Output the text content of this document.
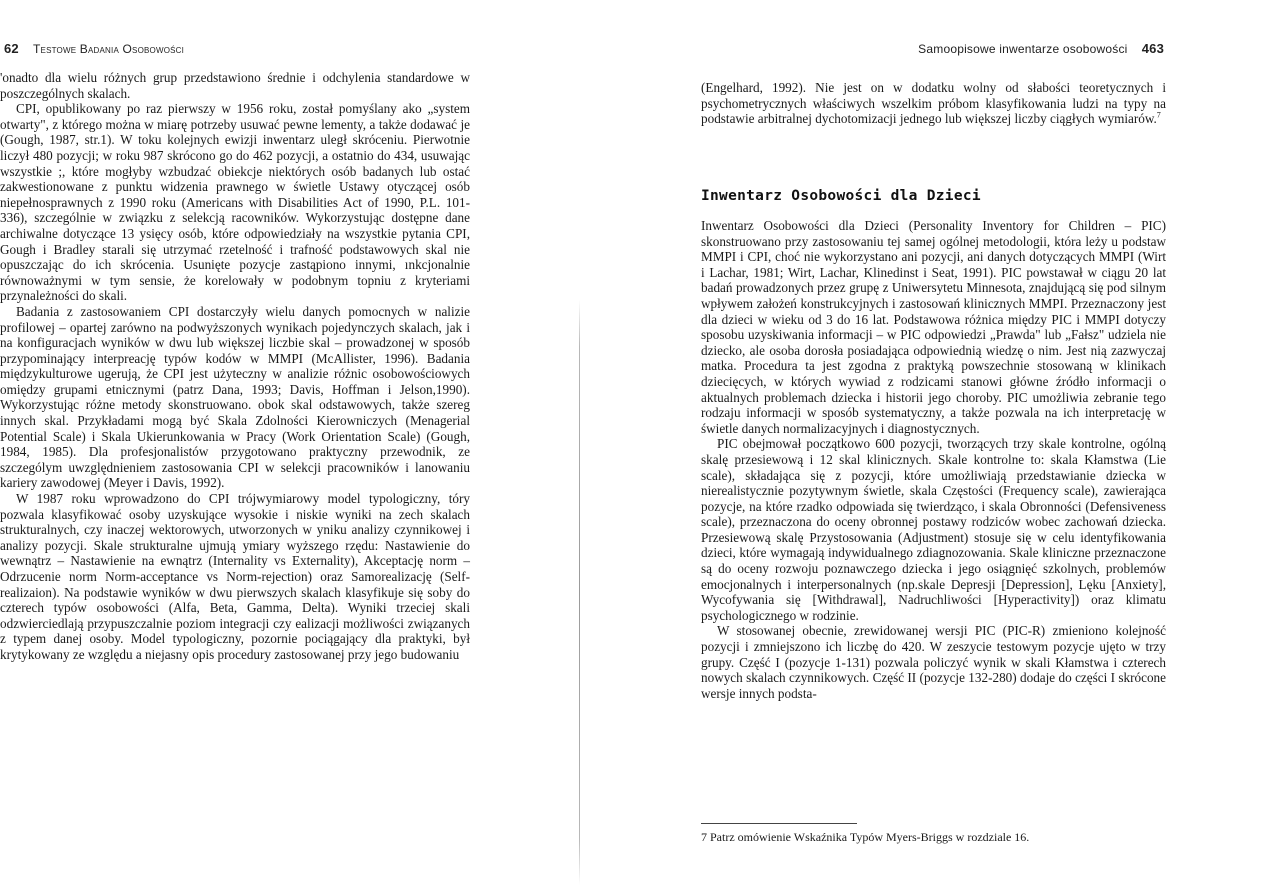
62 Testowe Badania Osobowości

'onadto dla wielu różnych grup przedstawiono średnie i odchylenia standardowe w poszczególnych skalach.

CPI, opublikowany po raz pierwszy w 1956 roku, został pomyślany ako „system otwarty", z którego można w miarę potrzeby usuwać pewne lementy, a także dodawać je (Gough, 1987, str.1). W toku kolejnych ewizji inwentarz uległ skróceniu. Pierwotnie liczył 480 pozycji; w roku 987 skrócono go do 462 pozycji, a ostatnio do 434, usuwając wszystkie ;, które mogłyby wzbudzać obiekcje niektórych osób badanych lub ostać zakwestionowane z punktu widzenia prawnego w świetle Ustawy otyczącej osób niepełnosprawnych z 1990 roku (Americans with Disabilities Act of 1990, P.L. 101-336), szczególnie w związku z selekcją racowników. Wykorzystując dostępne dane archiwalne dotyczące 13 ysięcy osób, które odpowiedziały na wszystkie pytania CPI, Gough i Bradley starali się utrzymać rzetelność i trafność podstawowych skal nie opuszczając do ich skrócenia. Usunięte pozycje zastąpiono innymi, ınkcjonalnie równoważnymi w tym sensie, że korelowały w podobnym topniu z kryteriami przynależności do skali.

Badania z zastosowaniem CPI dostarczyły wielu danych pomocnych w nalizie profilowej – opartej zarówno na podwyższonych wynikach pojedynczych skalach, jak i na konfiguracjach wyników w dwu lub większej liczbie skal – prowadzonej w sposób przypominający interpreację typów kodów w MMPI (McAllister, 1996). Badania międzykulturowe ugerują, że CPI jest użyteczny w analizie różnic osobowościowych omiędzy grupami etnicznymi (patrz Dana, 1993; Davis, Hoffman i Jelson,1990). Wykorzystując różne metody skonstruowano. obok skal odstawowych, także szereg innych skal. Przykładami mogą być Skala Zdolności Kierowniczych (Menagerial Potential Scale) i Skala Ukierunkowania w Pracy (Work Orientation Scale) (Gough, 1984, 1985). Dla profesjonalistów przygotowano praktyczny przewodnik, ze szczególym uwzględnieniem zastosowania CPI w selekcji pracowników i lanowaniu kariery zawodowej (Meyer i Davis, 1992).

W 1987 roku wprowadzono do CPI trójwymiarowy model typologiczny, tóry pozwala klasyfikować osoby uzyskujące wysokie i niskie wyniki na zech skalach strukturalnych, czy inaczej wektorowych, utworzonych w yniku analizy czynnikowej i analizy pozycji. Skale strukturalne ujmują ymiary wyższego rzędu: Nastawienie do wewnątrz – Nastawienie na ewnątrz (Internality vs Externality), Akceptację norm – Odrzucenie norm Norm-acceptance vs Norm-rejection) oraz Samorealizację (Self-realizaion). Na podstawie wyników w dwu pierwszych skalach klasyfikuje się soby do czterech typów osobowości (Alfa, Beta, Gamma, Delta). Wyniki trzeciej skali odzwierciedlają przypuszczalnie poziom integracji czy ealizacji możliwości związanych z typem danej osoby. Model typologiczny, pozornie pociągający dla praktyki, był krytykowany ze względu a niejasny opis procedury zastosowanej przy jego budowaniu

Samoopisowe inwentarze osobowości 463

(Engelhard, 1992). Nie jest on w dodatku wolny od słabości teoretycznych i psychometrycznych właściwych wszelkim próbom klasyfikowania ludzi na typy na podstawie arbitralnej dychotomizacji jednego lub większej liczby ciągłych wymiarów.$^7$

Inwentarz Osobowości dla Dzieci

Inwentarz Osobowości dla Dzieci (Personality Inventory for Children – PIC) skonstruowano przy zastosowaniu tej samej ogólnej metodologii, która leży u podstaw MMPI i CPI, choć nie wykorzystano ani pozycji, ani danych dotyczących MMPI (Wirt i Lachar, 1981; Wirt, Lachar, Klinedinst i Seat, 1991). PIC powstawał w ciągu 20 lat badań prowadzonych przez grupę z Uniwersytetu Minnesota, znajdującą się pod silnym wpływem założeń konstrukcyjnych i zastosowań klinicznych MMPI. Przeznaczony jest dla dzieci w wieku od 3 do 16 lat. Podstawowa różnica między PIC i MMPI dotyczy sposobu uzyskiwania informacji – w PIC odpowiedzi „Prawda" lub „Fałsz" udziela nie dziecko, ale osoba dorosła posiadająca odpowiednią wiedzę o nim. Jest nią zazwyczaj matka. Procedura ta jest zgodna z praktyką powszechnie stosowaną w klinikach dziecięcych, w których wywiad z rodzicami stanowi główne źródło informacji o aktualnych problemach dziecka i historii jego choroby. PIC umożliwia zebranie tego rodzaju informacji w sposób systematyczny, a także pozwala na ich interpretację w świetle danych normalizacyjnych i diagnostycznych.

PIC obejmował początkowo 600 pozycji, tworzących trzy skale kontrolne, ogólną skalę przesiewową i 12 skal klinicznych. Skale kontrolne to: skala Kłamstwa (Lie scale), składająca się z pozycji, które umożliwiają przedstawianie dziecka w nierealistycznie pozytywnym świetle, skala Częstości (Frequency scale), zawierająca pozycje, na które rzadko odpowiada się twierdząco, i skala Obronności (Defensiveness scale), przeznaczona do oceny obronnej postawy rodziców wobec zachowań dziecka. Przesiewową skalę Przystosowania (Adjustment) stosuje się w celu identyfikowania dzieci, które wymagają indywidualnego zdiagnozowania. Skale kliniczne przeznaczone są do oceny rozwoju poznawczego dziecka i jego osiągnięć szkolnych, problemów emocjonalnych i interpersonalnych (np.skale Depresji [Depression], Lęku [Anxiety], Wycofywania się [Withdrawal], Nadruchliwości [Hyperactivity]) oraz klimatu psychologicznego w rodzinie.

W stosowanej obecnie, zrewidowanej wersji PIC (PIC-R) zmieniono kolejność pozycji i zmniejszono ich liczbę do 420. W zeszycie testowym pozycje ujęto w trzy grupy. Część I (pozycje 1-131) pozwala policzyć wynik w skali Kłamstwa i czterech nowych skalach czynnikowych. Część II (pozycje 132-280) dodaje do części I skrócone wersje innych podsta-

7 Patrz omówienie Wskaźnika Typów Myers-Briggs w rozdziale 16.
